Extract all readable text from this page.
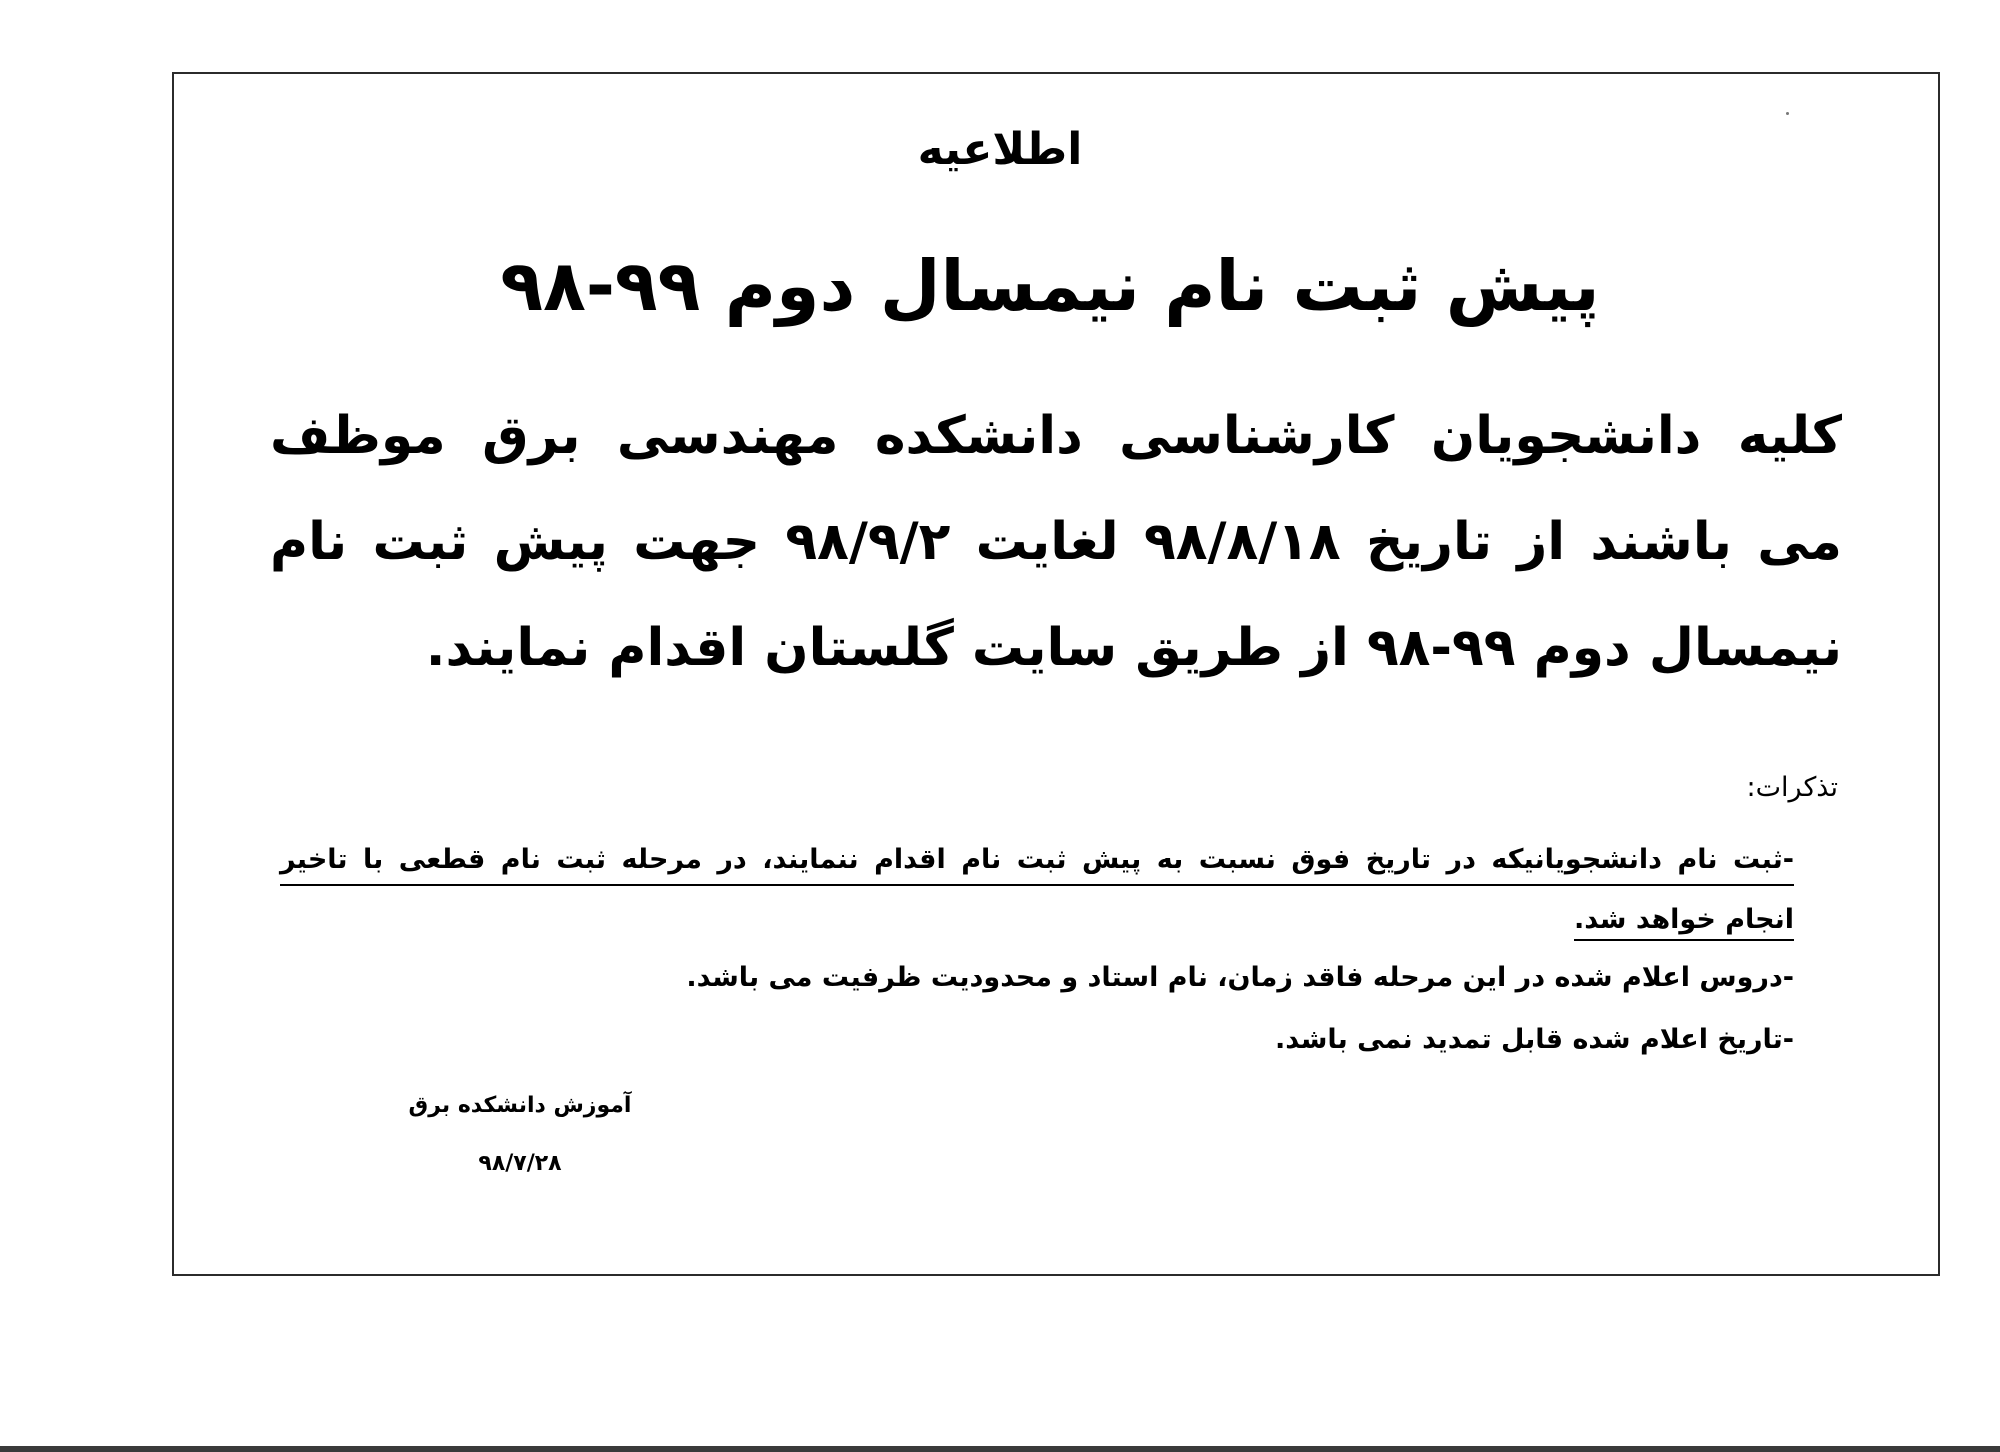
اطلاعیه
پیش ثبت نام نیمسال دوم ۹۹-۹۸
کلیه دانشجویان کارشناسی دانشکده مهندسی برق موظف
می باشند از تاریخ ۹۸/۸/۱۸ لغایت ۹۸/۹/۲ جهت پیش ثبت نام
نیمسال دوم ۹۹-۹۸ از طریق سایت گلستان اقدام نمایند.
تذکرات:
-ثبت نام دانشجویانیکه در تاریخ فوق نسبت به پیش ثبت نام اقدام ننمایند، در مرحله ثبت نام قطعی با تاخیر
انجام خواهد شد.
-دروس اعلام شده در این مرحله فاقد زمان، نام استاد و محدودیت ظرفیت می باشد.
-تاریخ اعلام شده قابل تمدید نمی باشد.
آموزش دانشکده برق
۹۸/۷/۲۸
